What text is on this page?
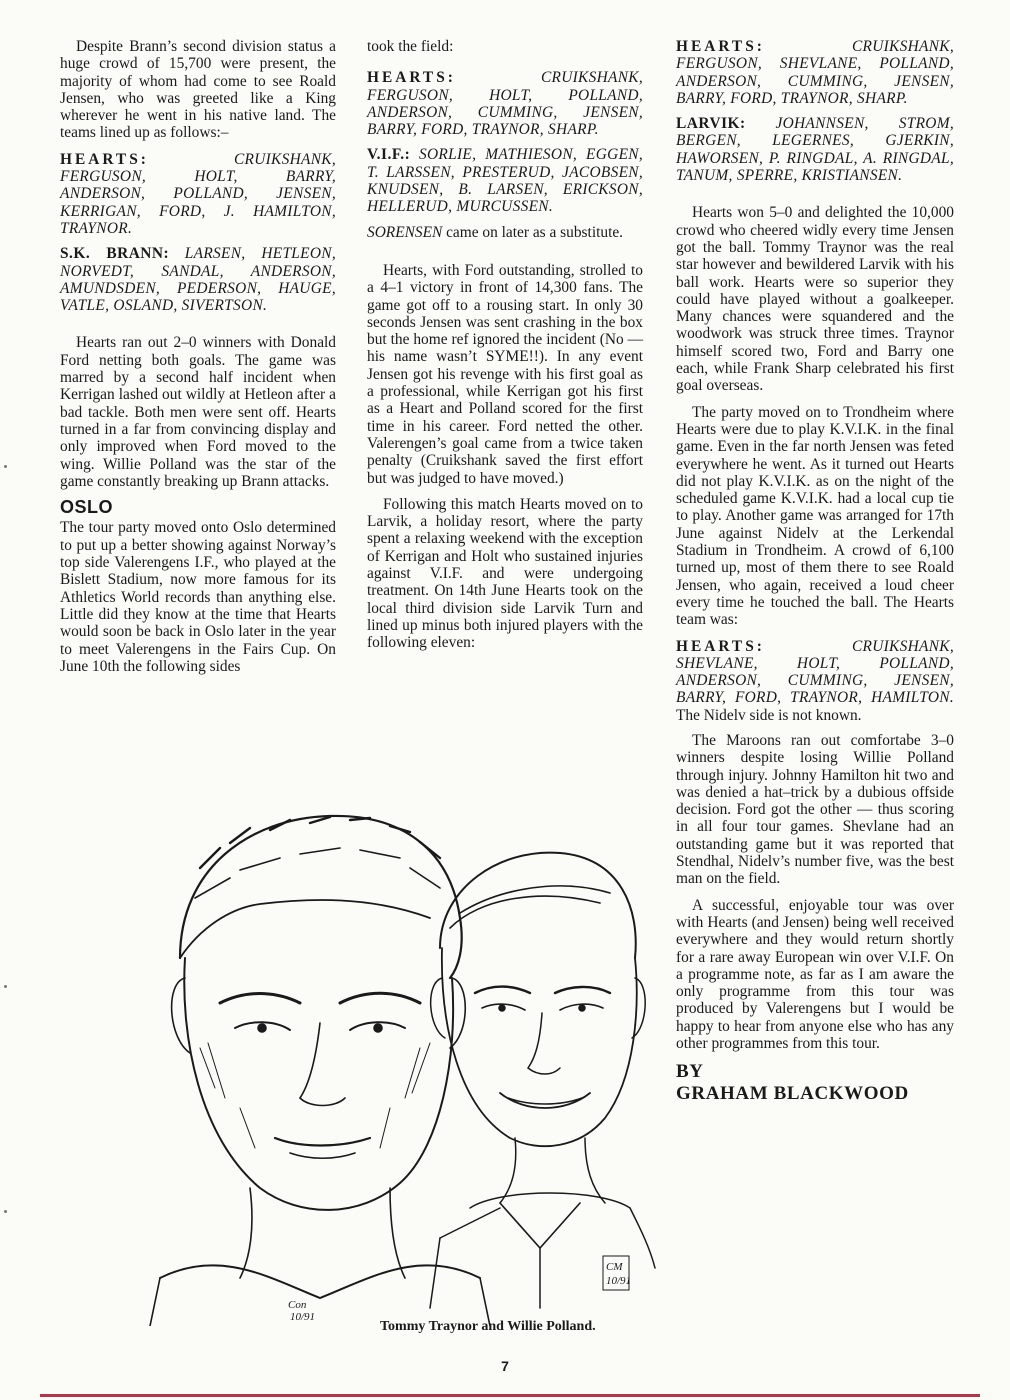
Despite Brann’s second division status a huge crowd of 15,700 were present, the majority of whom had come to see Roald Jensen, who was greeted like a King wherever he went in his native land. The teams lined up as follows:–

HEARTS:	CRUIKSHANK, FERGUSON, HOLT, BARRY, ANDERSON, POLLAND, JENSEN, KERRIGAN, FORD, J. HAMILTON, TRAYNOR.
S.K. BRANN: LARSEN, HETLEON, NORVEDT, SANDAL, ANDERSON, AMUNDSDEN, PEDERSON, HAUGE, VATLE, OSLAND, SIVERTSON.

Hearts ran out 2–0 winners with Donald Ford netting both goals. The game was marred by a second half incident when Kerrigan lashed out wildly at Hetleon after a bad tackle. Both men were sent off. Hearts turned in a far from convincing display and only improved when Ford moved to the wing. Willie Polland was the star of the game constantly breaking up Brann attacks.

OSLO

The tour party moved onto Oslo determined to put up a better showing against Norway’s top side Valerengens I.F., who played at the Bislett Stadium, now more famous for its Athletics World records than anything else. Little did they know at the time that Hearts would soon be back in Oslo later in the year to meet Valerengens in the Fairs Cup. On June 10th the following sides

took the field:

HEARTS:	CRUIKSHANK, FERGUSON, HOLT, POLLAND, ANDERSON, CUMMING, JENSEN, BARRY, FORD, TRAYNOR, SHARP.
V.I.F.: SORLIE, MATHIESON, EGGEN, T. LARSSEN, PRESTERUD, JACOBSEN, KNUDSEN, B. LARSEN, ERICKSON, HELLERUD, MURCUSSEN.

SORENSEN came on later as a substitute.

Hearts, with Ford outstanding, strolled to a 4–1 victory in front of 14,300 fans. The game got off to a rousing start. In only 30 seconds Jensen was sent crashing in the box but the home ref ignored the incident (No — his name wasn’t SYME!!). In any event Jensen got his revenge with his first goal as a professional, while Kerrigan got his first as a Heart and Polland scored for the first time in his career. Ford netted the other. Valerengen’s goal came from a twice taken penalty (Cruikshank saved the first effort but was judged to have moved.)

Following this match Hearts moved on to Larvik, a holiday resort, where the party spent a relaxing weekend with the exception of Kerrigan and Holt who sustained injuries against V.I.F. and were undergoing treatment. On 14th June Hearts took on the local third division side Larvik Turn and lined up minus both injured players with the following eleven:

HEARTS:	CRUIKSHANK, FERGUSON, SHEVLANE, POLLAND, ANDERSON, CUMMING, JENSEN, BARRY, FORD, TRAYNOR, SHARP.
LARVIK: JOHANNSEN, STROM, BERGEN, LEGERNES, GJERKIN, HAWORSEN, P. RINGDAL, A. RINGDAL, TANUM, SPERRE, KRISTIANSEN.

Hearts won 5–0 and delighted the 10,000 crowd who cheered widly every time Jensen got the ball. Tommy Traynor was the real star however and bewildered Larvik with his ball work. Hearts were so superior they could have played without a goalkeeper. Many chances were squandered and the woodwork was struck three times. Traynor himself scored two, Ford and Barry one each, while Frank Sharp celebrated his first goal overseas.

The party moved on to Trondheim where Hearts were due to play K.V.I.K. in the final game. Even in the far north Jensen was feted everywhere he went. As it turned out Hearts did not play K.V.I.K. as on the night of the scheduled game K.V.I.K. had a local cup tie to play. Another game was arranged for 17th June against Nidelv at the Lerkendal Stadium in Trondheim. A crowd of 6,100 turned up, most of them there to see Roald Jensen, who again, received a loud cheer every time he touched the ball. The Hearts team was:

HEARTS:	CRUIKSHANK, SHEVLANE, HOLT, POLLAND, ANDERSON, CUMMING, JENSEN, BARRY, FORD, TRAYNOR, HAMILTON. The Nidelv side is not known.

The Maroons ran out comfortabe 3–0 winners despite losing Willie Polland through injury. Johnny Hamilton hit two and was denied a hat–trick by a dubious offside decision. Ford got the other — thus scoring in all four tour games. Shevlane had an outstanding game but it was reported that Stendhal, Nidelv’s number five, was the best man on the field.

A successful, enjoyable tour was over with Hearts (and Jensen) being well received everywhere and they would return shortly for a rare away European win over V.I.F. On a programme note, as far as I am aware the only programme from this tour was produced by Valerengens but I would be happy to hear from anyone else who has any other programmes from this tour.

BY
GRAHAM BLACKWOOD
Con
10/91
CM
10/91
Tommy Traynor and Willie Polland.
7
